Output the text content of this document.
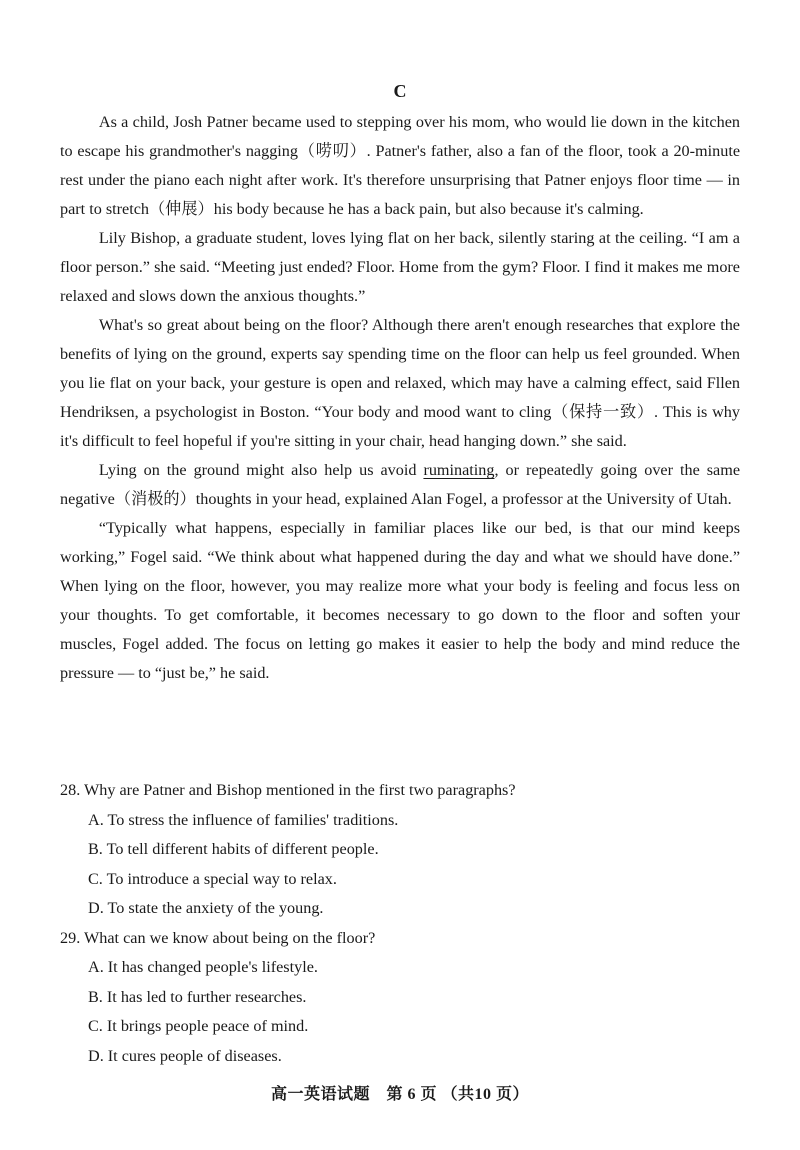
C

As a child, Josh Patner became used to stepping over his mom, who would lie down in the kitchen to escape his grandmother's nagging（唠叨）. Patner's father, also a fan of the floor, took a 20-minute rest under the piano each night after work. It's therefore unsurprising that Patner enjoys floor time — in part to stretch（伸展）his body because he has a back pain, but also because it's calming.

Lily Bishop, a graduate student, loves lying flat on her back, silently staring at the ceiling. “I am a floor person.” she said. “Meeting just ended? Floor. Home from the gym? Floor. I find it makes me more relaxed and slows down the anxious thoughts.”

What's so great about being on the floor? Although there aren't enough researches that explore the benefits of lying on the ground, experts say spending time on the floor can help us feel grounded. When you lie flat on your back, your gesture is open and relaxed, which may have a calming effect, said Fllen Hendriksen, a psychologist in Boston. “Your body and mood want to cling（保持一致）. This is why it's difficult to feel hopeful if you're sitting in your chair, head hanging down.” she said.

Lying on the ground might also help us avoid ruminating, or repeatedly going over the same negative（消极的）thoughts in your head, explained Alan Fogel, a professor at the University of Utah.

“Typically what happens, especially in familiar places like our bed, is that our mind keeps working,” Fogel said. “We think about what happened during the day and what we should have done.” When lying on the floor, however, you may realize more what your body is feeling and focus less on your thoughts. To get comfortable, it becomes necessary to go down to the floor and soften your muscles, Fogel added. The focus on letting go makes it easier to help the body and mind reduce the pressure — to “just be,” he said.

28. Why are Patner and Bishop mentioned in the first two paragraphs?

A. To stress the influence of families' traditions.
B. To tell different habits of different people.
C. To introduce a special way to relax.
D. To state the anxiety of the young.

29. What can we know about being on the floor?

A. It has changed people's lifestyle.
B. It has led to further researches.
C. It brings people peace of mind.
D. It cures people of diseases.
高一英语试题　第 6 页 （共10 页）
